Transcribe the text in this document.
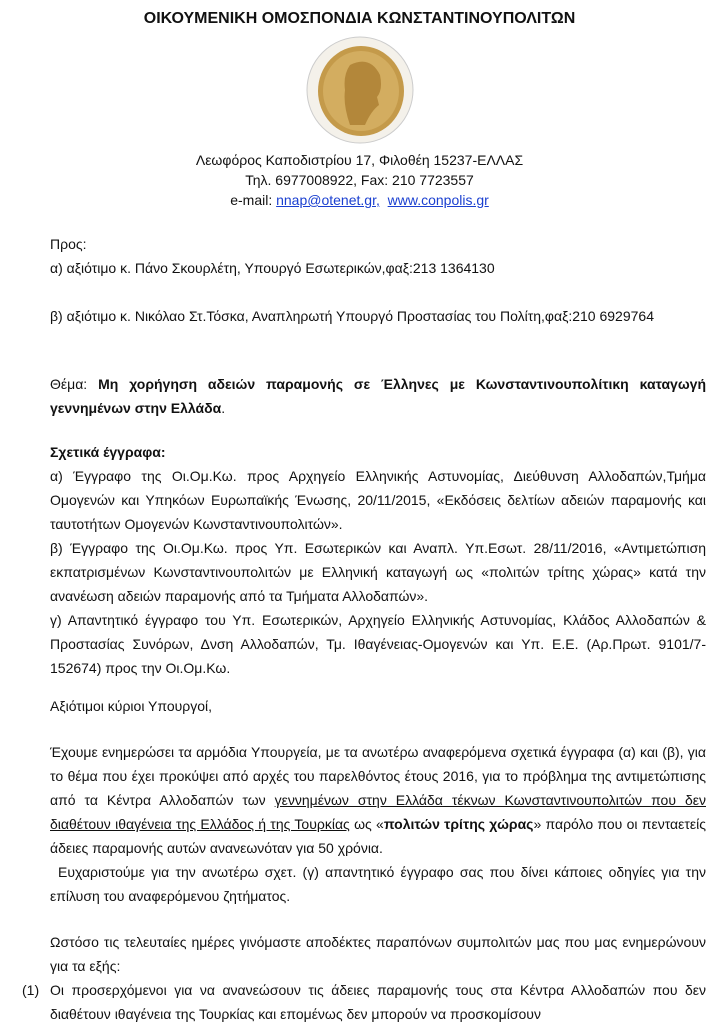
ΟΙΚΟΥΜΕΝΙΚΗ ΟΜΟΣΠΟΝΔΙΑ ΚΩΝΣΤΑΝΤΙΝΟΥΠΟΛΙΤΩΝ
Λεωφόρος Καποδιστρίου 17, Φιλοθέη 15237-ΕΛΛΑΣ
Τηλ. 6977008922, Fax: 210 7723557
e-mail: nnap@otenet.gr, www.conpolis.gr
Προς:
α) αξιότιμο κ. Πάνο Σκουρλέτη, Υπουργό Εσωτερικών,φαξ:213 1364130
β) αξιότιμο κ. Νικόλαο Στ.Τόσκα, Αναπληρωτή Υπουργό Προστασίας του Πολίτη,φαξ:210 6929764
Θέμα: Μη χορήγηση αδειών παραμονής σε Έλληνες με Κωνσταντινουπολίτικη καταγωγή γεννημένων στην Ελλάδα.
Σχετικά έγγραφα:
α) Έγγραφο της Οι.Ομ.Κω. προς Αρχηγείο Ελληνικής Αστυνομίας, Διεύθυνση Αλλοδαπών,Τμήμα Ομογενών και Υπηκόων Ευρωπαϊκής Ένωσης, 20/11/2015, «Εκδόσεις δελτίων αδειών παραμονής και ταυτοτήτων Ομογενών Κωνσταντινουπολιτών».
β) Έγγραφο της Οι.Ομ.Κω. προς Υπ. Εσωτερικών και Αναπλ. Υπ.Εσωτ. 28/11/2016, «Αντιμετώπιση εκπατρισμένων Κωνσταντινουπολιτών με Ελληνική καταγωγή ως «πολιτών τρίτης χώρας» κατά την ανανέωση αδειών παραμονής από τα Τμήματα Αλλοδαπών».
γ) Απαντητικό έγγραφο του Υπ. Εσωτερικών, Αρχηγείο Ελληνικής Αστυνομίας, Κλάδος Αλλοδαπών & Προστασίας Συνόρων, Δνση Αλλοδαπών, Τμ. Ιθαγένειας-Ομογενών και Υπ. Ε.Ε. (Αρ.Πρωτ. 9101/7-152674) προς την Οι.Ομ.Κω.
Αξιότιμοι κύριοι Υπουργοί,
Έχουμε ενημερώσει τα αρμόδια Υπουργεία, με τα ανωτέρω αναφερόμενα σχετικά έγγραφα (α) και (β), για το θέμα που έχει προκύψει από αρχές του παρελθόντος έτους 2016, για το πρόβλημα της αντιμετώπισης από τα Κέντρα Αλλοδαπών των γεννημένων στην Ελλάδα τέκνων Κωνσταντινουπολιτών που δεν διαθέτουν ιθαγένεια της Ελλάδος ή της Τουρκίας ως «πολιτών τρίτης χώρας» παρόλο που οι πενταετείς άδειες παραμονής αυτών ανανεωνόταν για 50 χρόνια.
Ευχαριστούμε για την ανωτέρω σχετ. (γ) απαντητικό έγγραφο σας που δίνει κάποιες οδηγίες για την επίλυση του αναφερόμενου ζητήματος.
Ωστόσο τις τελευταίες ημέρες γινόμαστε αποδέκτες παραπόνων συμπολιτών μας που μας ενημερώνουν για τα εξής:
(1) Οι προσερχόμενοι για να ανανεώσουν τις άδειες παραμονής τους στα Κέντρα Αλλοδαπών που δεν διαθέτουν ιθαγένεια της Τουρκίας και επομένως δεν μπορούν να προσκομίσουν
